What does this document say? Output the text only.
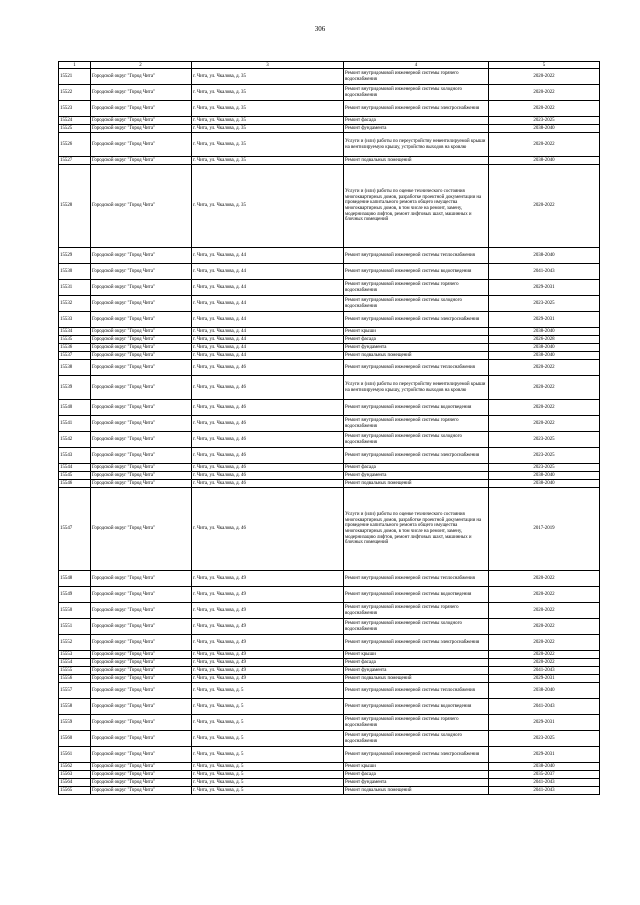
306
1	2	3	4	5
15521	Городской округ "Город Чита"	г. Чита, ул. Чкалова, д. 35	Ремонт внутридомовой инженерной системы горячего водоснабжения	2020-2022
15522	Городской округ "Город Чита"	г. Чита, ул. Чкалова, д. 35	Ремонт внутридомовой инженерной системы холодного водоснабжения	2020-2022
15523	Городской округ "Город Чита"	г. Чита, ул. Чкалова, д. 35	Ремонт внутридомовой инженерной системы электроснабжения	2020-2022
15524	Городской округ "Город Чита"	г. Чита, ул. Чкалова, д. 35	Ремонт фасада	2023-2025
15525	Городской округ "Город Чита"	г. Чита, ул. Чкалова, д. 35	Ремонт фундамента	2038-2040
15526	Городской округ "Город Чита"	г. Чита, ул. Чкалова, д. 35	Услуги и (или) работы по переустройству невентилируемой крыши на вентилируемую крышу, устройство выходов на кровлю	2020-2022
15527	Городской округ "Город Чита"	г. Чита, ул. Чкалова, д. 35	Ремонт подвальных помещений	2038-2040
15528	Городской округ "Город Чита"	г. Чита, ул. Чкалова, д. 35	Услуги и (или) работы по оценке технического состояния многоквартирных домов, разработке проектной документации на проведение капитального ремонта общего имущества многоквартирных домов, в том числе на ремонт, замену, модернизацию лифтов, ремонт лифтовых шахт, машинных и блочных помещений	2020-2022
15529	Городской округ "Город Чита"	г. Чита, ул. Чкалова, д. 44	Ремонт внутридомовой инженерной системы теплоснабжения	2038-2040
15530	Городской округ "Город Чита"	г. Чита, ул. Чкалова, д. 44	Ремонт внутридомовой инженерной системы водоотведения	2041-2043
15531	Городской округ "Город Чита"	г. Чита, ул. Чкалова, д. 44	Ремонт внутридомовой инженерной системы горячего водоснабжения	2029-2031
15532	Городской округ "Город Чита"	г. Чита, ул. Чкалова, д. 44	Ремонт внутридомовой инженерной системы холодного водоснабжения	2023-2025
15533	Городской округ "Город Чита"	г. Чита, ул. Чкалова, д. 44	Ремонт внутридомовой инженерной системы электроснабжения	2029-2031
15534	Городской округ "Город Чита"	г. Чита, ул. Чкалова, д. 44	Ремонт крыши	2038-2040
15535	Городской округ "Город Чита"	г. Чита, ул. Чкалова, д. 44	Ремонт фасада	2026-2028
15536	Городской округ "Город Чита"	г. Чита, ул. Чкалова, д. 44	Ремонт фундамента	2038-2040
15537	Городской округ "Город Чита"	г. Чита, ул. Чкалова, д. 44	Ремонт подвальных помещений	2038-2040
15538	Городской округ "Город Чита"	г. Чита, ул. Чкалова, д. 46	Ремонт внутридомовой инженерной системы теплоснабжения	2020-2022
15539	Городской округ "Город Чита"	г. Чита, ул. Чкалова, д. 46	Услуги и (или) работы по переустройству невентилируемой крыши на вентилируемую крышу, устройство выходов на кровлю	2020-2022
15540	Городской округ "Город Чита"	г. Чита, ул. Чкалова, д. 46	Ремонт внутридомовой инженерной системы водоотведения	2020-2022
15541	Городской округ "Город Чита"	г. Чита, ул. Чкалова, д. 46	Ремонт внутридомовой инженерной системы горячего водоснабжения	2020-2022
15542	Городской округ "Город Чита"	г. Чита, ул. Чкалова, д. 46	Ремонт внутридомовой инженерной системы холодного водоснабжения	2023-2025
15543	Городской округ "Город Чита"	г. Чита, ул. Чкалова, д. 46	Ремонт внутридомовой инженерной системы электроснабжения	2023-2025
15544	Городской округ "Город Чита"	г. Чита, ул. Чкалова, д. 46	Ремонт фасада	2023-2025
15545	Городской округ "Город Чита"	г. Чита, ул. Чкалова, д. 46	Ремонт фундамента	2038-2040
15546	Городской округ "Город Чита"	г. Чита, ул. Чкалова, д. 46	Ремонт подвальных помещений	2038-2040
15547	Городской округ "Город Чита"	г. Чита, ул. Чкалова, д. 46	Услуги и (или) работы по оценке технического состояния многоквартирных домов, разработке проектной документации на проведение капитального ремонта общего имущества многоквартирных домов, в том числе на ремонт, замену, модернизацию лифтов, ремонт лифтовых шахт, машинных и блочных помещений	2017-2019
15548	Городской округ "Город Чита"	г. Чита, ул. Чкалова, д. 49	Ремонт внутридомовой инженерной системы теплоснабжения	2020-2022
15549	Городской округ "Город Чита"	г. Чита, ул. Чкалова, д. 49	Ремонт внутридомовой инженерной системы водоотведения	2020-2022
15550	Городской округ "Город Чита"	г. Чита, ул. Чкалова, д. 49	Ремонт внутридомовой инженерной системы горячего водоснабжения	2020-2022
15551	Городской округ "Город Чита"	г. Чита, ул. Чкалова, д. 49	Ремонт внутридомовой инженерной системы холодного водоснабжения	2020-2022
15552	Городской округ "Город Чита"	г. Чита, ул. Чкалова, д. 49	Ремонт внутридомовой инженерной системы электроснабжения	2020-2022
15553	Городской округ "Город Чита"	г. Чита, ул. Чкалова, д. 49	Ремонт крыши	2020-2022
15554	Городской округ "Город Чита"	г. Чита, ул. Чкалова, д. 49	Ремонт фасада	2020-2022
15555	Городской округ "Город Чита"	г. Чита, ул. Чкалова, д. 49	Ремонт фундамента	2041-2043
15556	Городской округ "Город Чита"	г. Чита, ул. Чкалова, д. 49	Ремонт подвальных помещений	2029-2031
15557	Городской округ "Город Чита"	г. Чита, ул. Чкалова, д. 5	Ремонт внутридомовой инженерной системы теплоснабжения	2038-2040
15558	Городской округ "Город Чита"	г. Чита, ул. Чкалова, д. 5	Ремонт внутридомовой инженерной системы водоотведения	2041-2043
15559	Городской округ "Город Чита"	г. Чита, ул. Чкалова, д. 5	Ремонт внутридомовой инженерной системы горячего водоснабжения	2029-2031
15560	Городской округ "Город Чита"	г. Чита, ул. Чкалова, д. 5	Ремонт внутридомовой инженерной системы холодного водоснабжения	2023-2025
15561	Городской округ "Город Чита"	г. Чита, ул. Чкалова, д. 5	Ремонт внутридомовой инженерной системы электроснабжения	2029-2031
15562	Городской округ "Город Чита"	г. Чита, ул. Чкалова, д. 5	Ремонт крыши	2038-2040
15563	Городской округ "Город Чита"	г. Чита, ул. Чкалова, д. 5	Ремонт фасада	2035-2037
15564	Городской округ "Город Чита"	г. Чита, ул. Чкалова, д. 5	Ремонт фундамента	2041-2043
15565	Городской округ "Город Чита"	г. Чита, ул. Чкалова, д. 5	Ремонт подвальных помещений	2041-2043
